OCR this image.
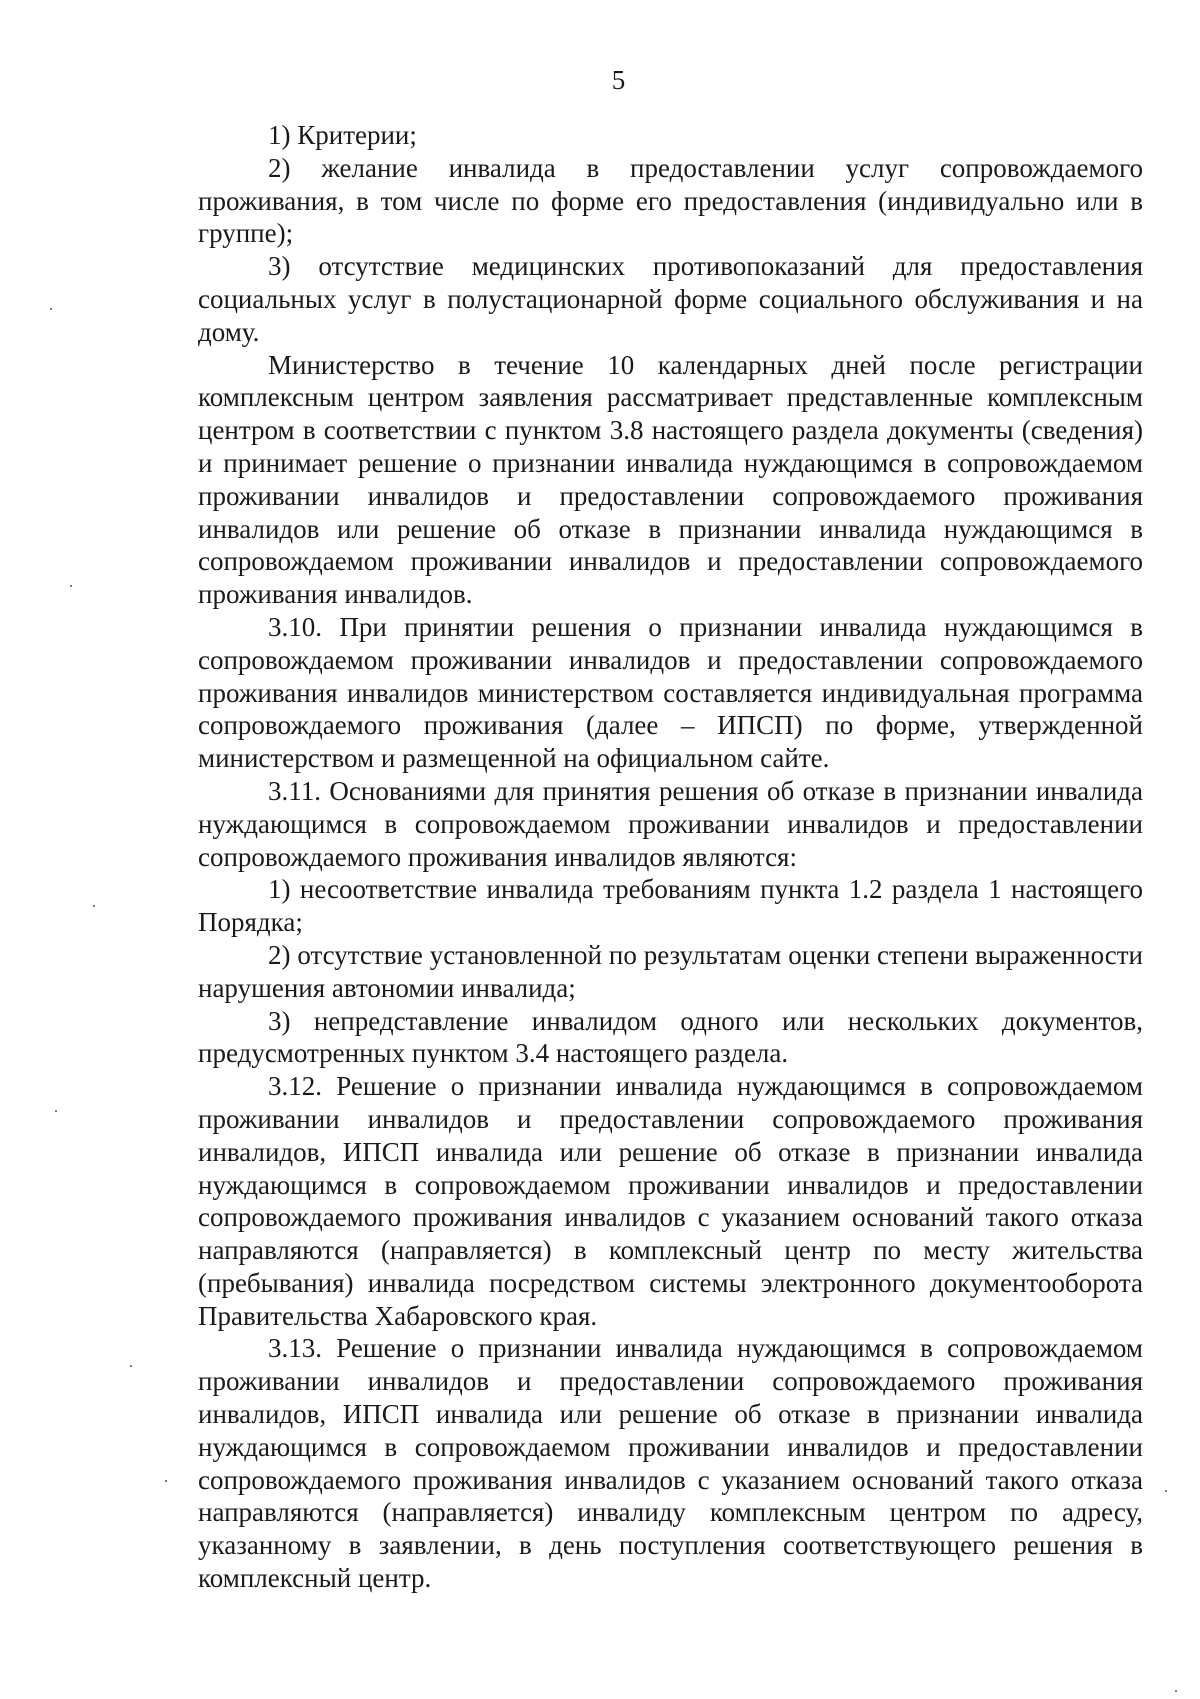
5

1) Критерии;

2) желание инвалида в предоставлении услуг сопровождаемого проживания, в том числе по форме его предоставления (индивидуально или в группе);

3) отсутствие медицинских противопоказаний для предоставления социальных услуг в полустационарной форме социального обслуживания и на дому.

Министерство в течение 10 календарных дней после регистрации комплексным центром заявления рассматривает представленные комплексным центром в соответствии с пунктом 3.8 настоящего раздела документы (сведения) и принимает решение о признании инвалида нуждающимся в сопровождаемом проживании инвалидов и предоставлении сопровождаемого проживания инвалидов или решение об отказе в признании инвалида нуждающимся в сопровождаемом проживании инвалидов и предоставлении сопровождаемого проживания инвалидов.

3.10. При принятии решения о признании инвалида нуждающимся в сопровождаемом проживании инвалидов и предоставлении сопровождаемого проживания инвалидов министерством составляется индивидуальная программа сопровождаемого проживания (далее – ИПСП) по форме, утвержденной министерством и размещенной на официальном сайте.

3.11. Основаниями для принятия решения об отказе в признании инвалида нуждающимся в сопровождаемом проживании инвалидов и предоставлении сопровождаемого проживания инвалидов являются:

1) несоответствие инвалида требованиям пункта 1.2 раздела 1 настоящего Порядка;

2) отсутствие установленной по результатам оценки степени выраженности нарушения автономии инвалида;

3) непредставление инвалидом одного или нескольких документов, предусмотренных пунктом 3.4 настоящего раздела.

3.12. Решение о признании инвалида нуждающимся в сопровождаемом проживании инвалидов и предоставлении сопровождаемого проживания инвалидов, ИПСП инвалида или решение об отказе в признании инвалида нуждающимся в сопровождаемом проживании инвалидов и предоставлении сопровождаемого проживания инвалидов с указанием оснований такого отказа направляются (направляется) в комплексный центр по месту жительства (пребывания) инвалида посредством системы электронного документооборота Правительства Хабаровского края.

3.13. Решение о признании инвалида нуждающимся в сопровождаемом проживании инвалидов и предоставлении сопровождаемого проживания инвалидов, ИПСП инвалида или решение об отказе в признании инвалида нуждающимся в сопровождаемом проживании инвалидов и предоставлении сопровождаемого проживания инвалидов с указанием оснований такого отказа направляются (направляется) инвалиду комплексным центром по адресу, указанному в заявлении, в день поступления соответствующего решения в комплексный центр.
